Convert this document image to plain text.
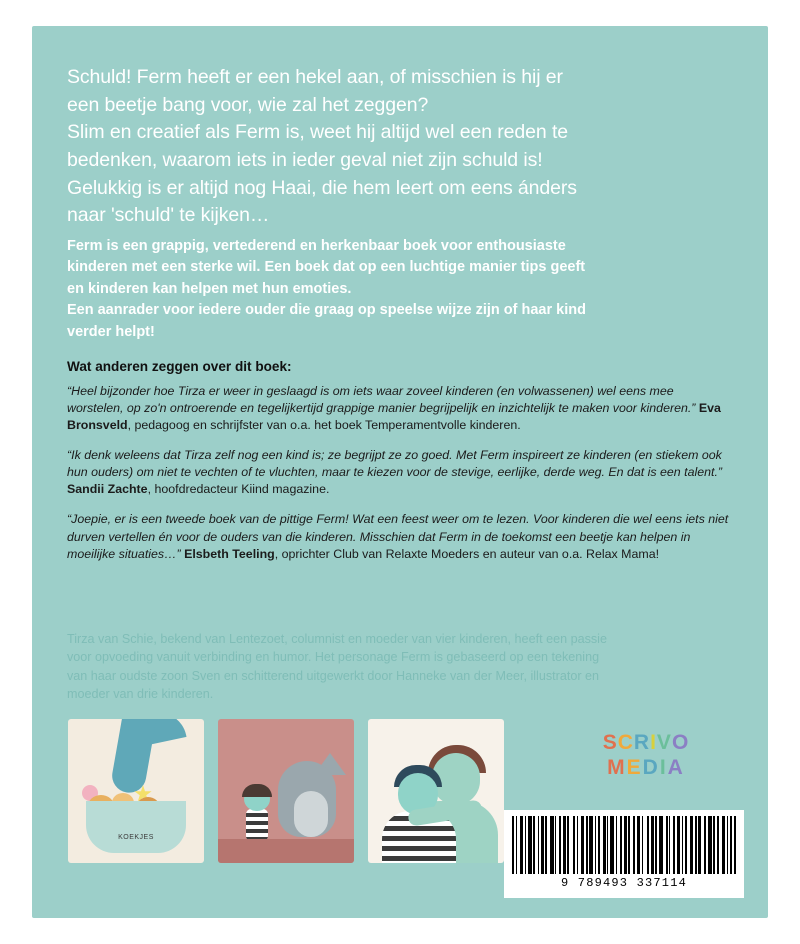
Schuld! Ferm heeft er een hekel aan, of misschien is hij er

een beetje bang voor, wie zal het zeggen?

Slim en creatief als Ferm is, weet hij altijd wel een reden te

bedenken, waarom iets in ieder geval niet zijn schuld is!

Gelukkig is er altijd nog Haai, die hem leert om eens ánders

naar 'schuld' te kijken…

Ferm is een grappig, vertederend en herkenbaar boek voor enthousiaste

kinderen met een sterke wil. Een boek dat op een luchtige manier tips geeft

en kinderen kan helpen met hun emoties.

Een aanrader voor iedere ouder die graag op speelse wijze zijn of haar kind

verder helpt!

Wat anderen zeggen over dit boek:

“Heel bijzonder hoe Tirza er weer in geslaagd is om iets waar zoveel kinderen (en volwassenen) wel eens mee worstelen, op zo'n ontroerende en tegelijkertijd grappige manier begrijpelijk en inzichtelijk te maken voor kinderen.” Eva Bronsveld, pedagoog en schrijfster van o.a. het boek Temperamentvolle kinderen.

“Ik denk weleens dat Tirza zelf nog een kind is; ze begrijpt ze zo goed. Met Ferm inspireert ze kinderen (en stiekem ook hun ouders) om niet te vechten of te vluchten, maar te kiezen voor de stevige, eerlijke, derde weg. En dat is een talent.” Sandii Zachte, hoofdredacteur Kiind magazine.

“Joepie, er is een tweede boek van de pittige Ferm! Wat een feest weer om te lezen. Voor kinderen die wel eens iets niet durven vertellen én voor de ouders van die kinderen. Misschien dat Ferm in de toekomst een beetje kan helpen in moeilijke situaties…” Elsbeth Teeling, oprichter Club van Relaxte Moeders en auteur van o.a. Relax Mama!

Tirza van Schie, bekend van Lentezoet, columnist en moeder van vier kinderen, heeft een passie

voor opvoeding vanuit verbinding en humor. Het personage Ferm is gebaseerd op een tekening

van haar oudste zoon Sven en schitterend uitgewerkt door Hanneke van der Meer, illustrator en

moeder van drie kinderen.

KOEKJES
SCRIVO
MEDIA
9 789493 337114
